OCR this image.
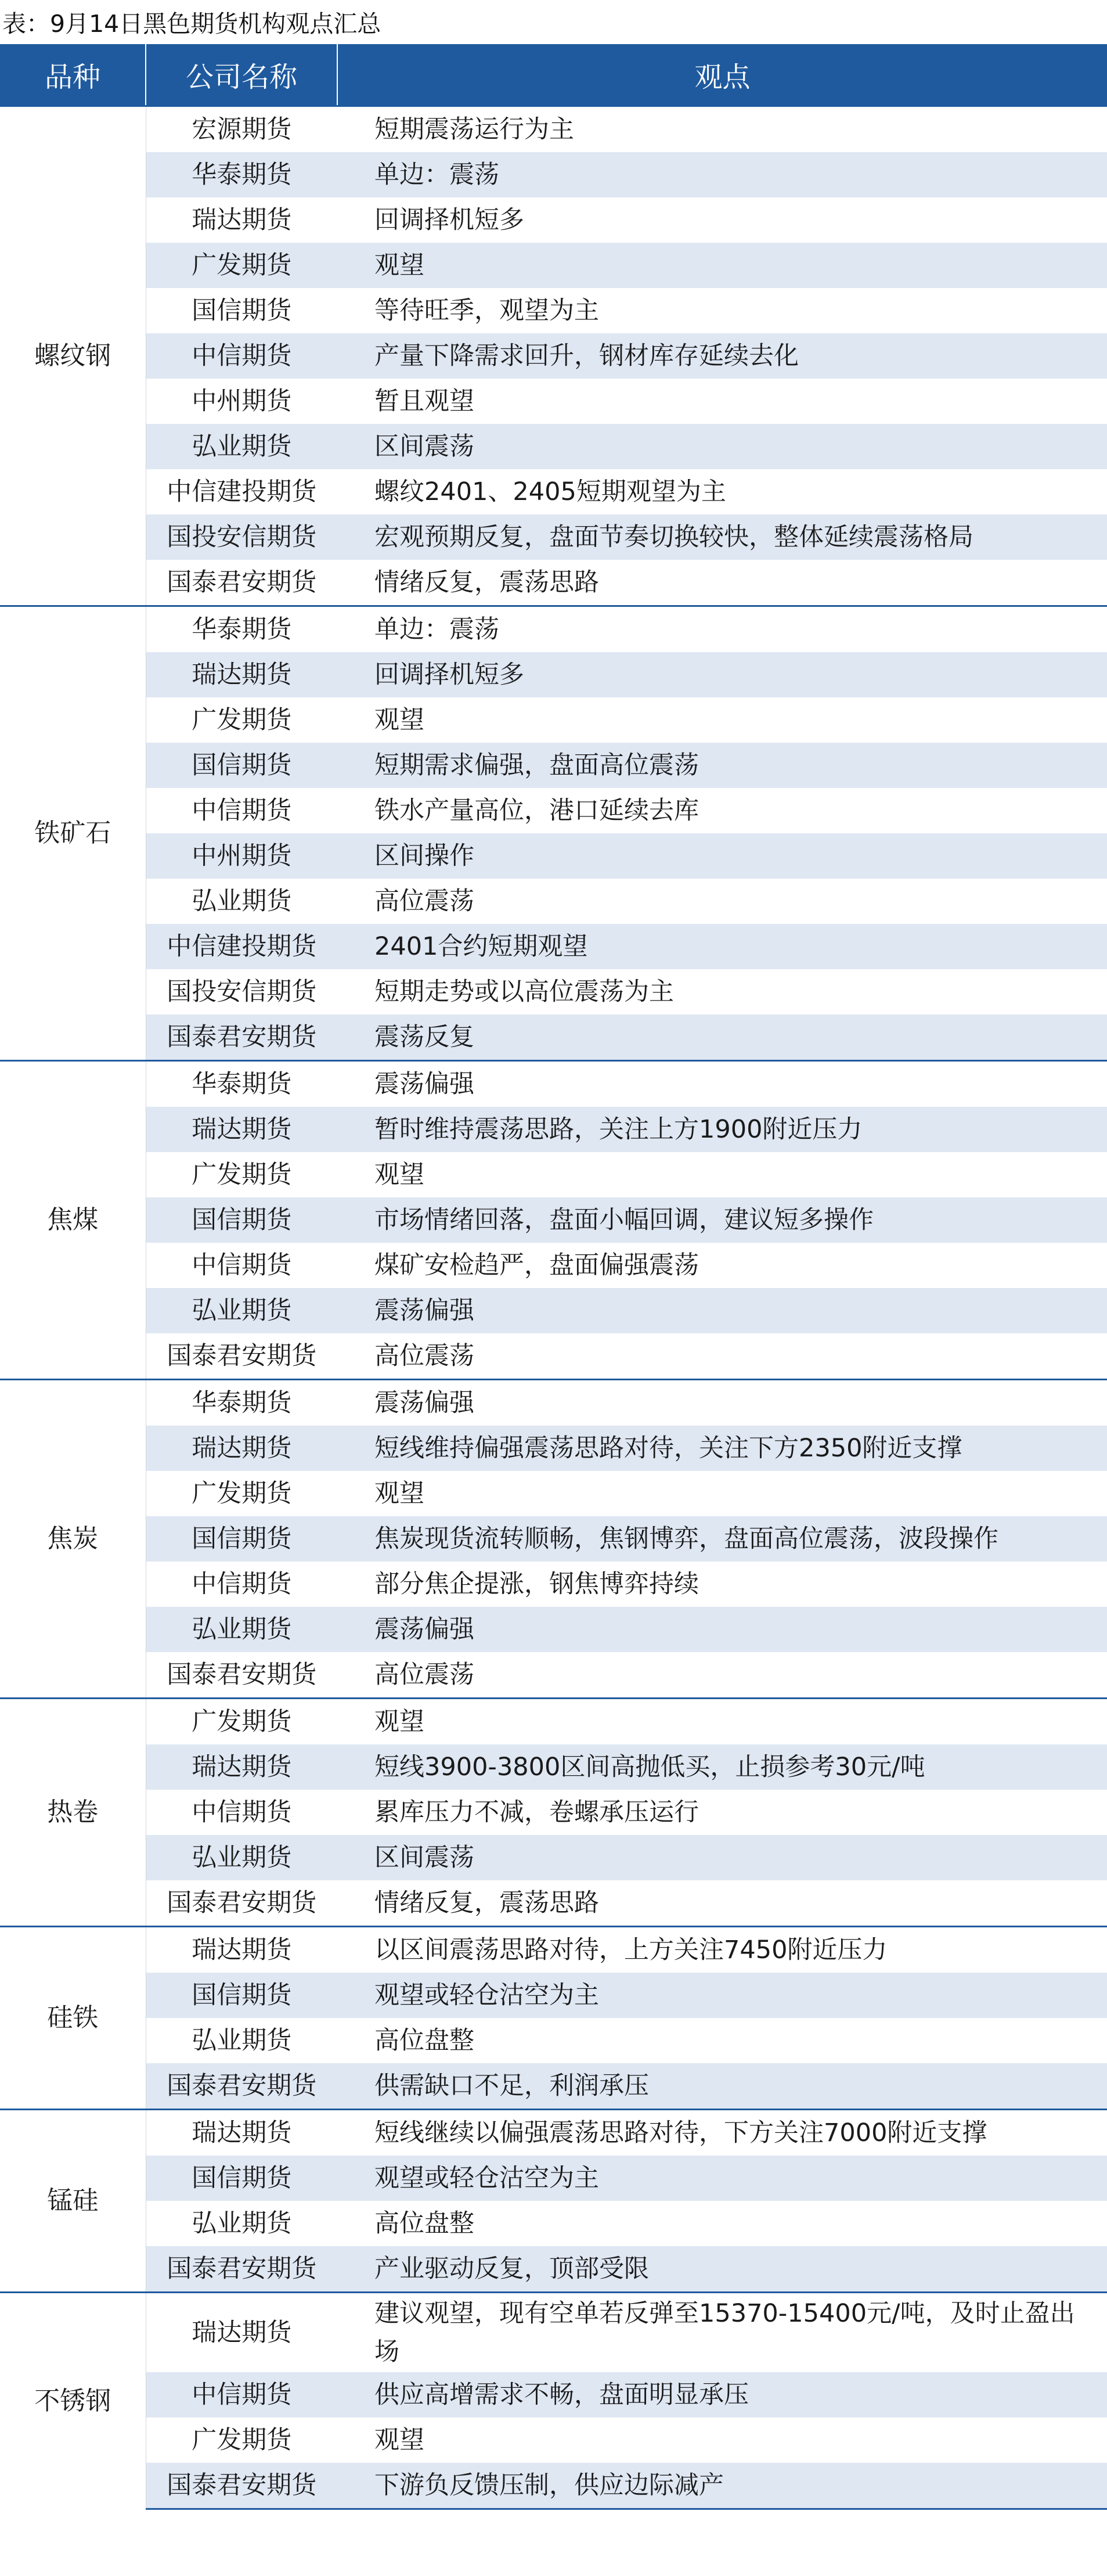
表：9月14日黑色期货机构观点汇总
品种	公司名称	观点
螺纹钢	宏源期货	短期震荡运行为主
	华泰期货	单边：震荡
	瑞达期货	回调择机短多
	广发期货	观望
	国信期货	等待旺季，观望为主
	中信期货	产量下降需求回升，钢材库存延续去化
	中州期货	暂且观望
	弘业期货	区间震荡
	中信建投期货	螺纹2401、2405短期观望为主
	国投安信期货	宏观预期反复，盘面节奏切换较快，整体延续震荡格局
	国泰君安期货	情绪反复，震荡思路
铁矿石	华泰期货	单边：震荡
	瑞达期货	回调择机短多
	广发期货	观望
	国信期货	短期需求偏强，盘面高位震荡
	中信期货	铁水产量高位，港口延续去库
	中州期货	区间操作
	弘业期货	高位震荡
	中信建投期货	2401合约短期观望
	国投安信期货	短期走势或以高位震荡为主
	国泰君安期货	震荡反复
焦煤	华泰期货	震荡偏强
	瑞达期货	暂时维持震荡思路，关注上方1900附近压力
	广发期货	观望
	国信期货	市场情绪回落，盘面小幅回调，建议短多操作
	中信期货	煤矿安检趋严，盘面偏强震荡
	弘业期货	震荡偏强
	国泰君安期货	高位震荡
焦炭	华泰期货	震荡偏强
	瑞达期货	短线维持偏强震荡思路对待，关注下方2350附近支撑
	广发期货	观望
	国信期货	焦炭现货流转顺畅，焦钢博弈，盘面高位震荡，波段操作
	中信期货	部分焦企提涨，钢焦博弈持续
	弘业期货	震荡偏强
	国泰君安期货	高位震荡
热卷	广发期货	观望
	瑞达期货	短线3900-3800区间高抛低买，止损参考30元/吨
	中信期货	累库压力不减，卷螺承压运行
	弘业期货	区间震荡
	国泰君安期货	情绪反复，震荡思路
硅铁	瑞达期货	以区间震荡思路对待，上方关注7450附近压力
	国信期货	观望或轻仓沽空为主
	弘业期货	高位盘整
	国泰君安期货	供需缺口不足，利润承压
锰硅	瑞达期货	短线继续以偏强震荡思路对待，下方关注7000附近支撑
	国信期货	观望或轻仓沽空为主
	弘业期货	高位盘整
	国泰君安期货	产业驱动反复，顶部受限
不锈钢	瑞达期货	建议观望，现有空单若反弹至15370-15400元/吨，及时止盈出场
	中信期货	供应高增需求不畅，盘面明显承压
	广发期货	观望
	国泰君安期货	下游负反馈压制，供应边际减产
